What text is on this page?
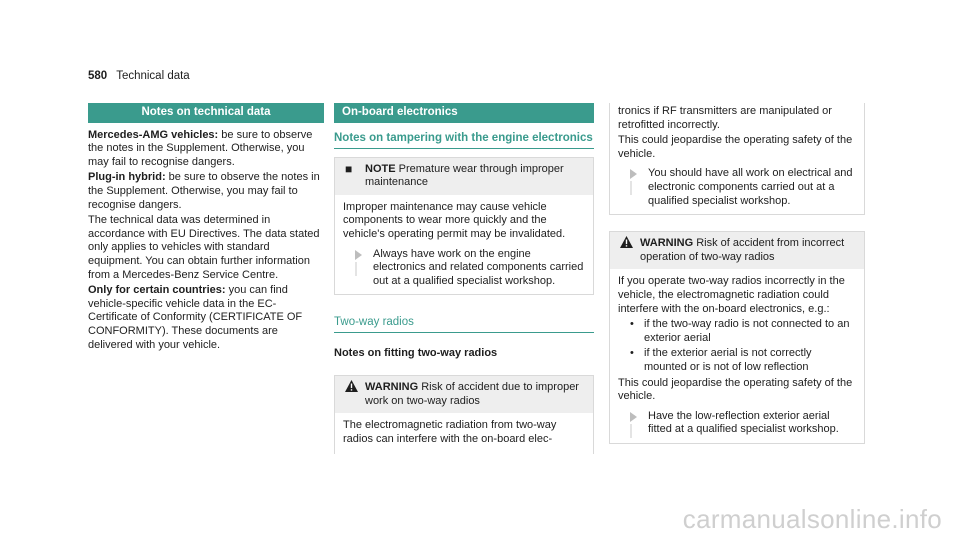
580 Technical data
Notes on technical data

Mercedes-AMG vehicles: be sure to observe the notes in the Supplement. Otherwise, you may fail to recognise dangers.

Plug-in hybrid: be sure to observe the notes in the Supplement. Otherwise, you may fail to recognise dangers.

The technical data was determined in accordance with EU Directives. The data stated only applies to vehicles with standard equipment. You can obtain further information from a Mercedes-Benz Service Centre.

Only for certain countries: you can find vehicle-specific vehicle data in the EC-Certificate of Conformity (CERTIFICATE OF CONFORMITY). These documents are delivered with your vehicle.

On-board electronics
Notes on tampering with the engine electronics
■ NOTE Premature wear through improper maintenance

Improper maintenance may cause vehicle components to wear more quickly and the vehicle's operating permit may be invalidated.

Always have work on the engine electronics and related components carried out at a qualified specialist workshop.
Two-way radios
Notes on fitting two-way radios
WARNING Risk of accident due to improper work on two-way radios

The electromagnetic radiation from two-way radios can interfere with the on-board elec-

tronics if RF transmitters are manipulated or retrofitted incorrectly.

This could jeopardise the operating safety of the vehicle.

You should have all work on electrical and electronic components carried out at a qualified specialist workshop.
WARNING Risk of accident from incorrect operation of two-way radios

If you operate two-way radios incorrectly in the vehicle, the electromagnetic radiation could interfere with the on-board electronics, e.g.:

• if the two-way radio is not connected to an exterior aerial
• if the exterior aerial is not correctly mounted or is not of low reflection

This could jeopardise the operating safety of the vehicle.

Have the low-reflection exterior aerial fitted at a qualified specialist workshop.
carmanualsonline.info
